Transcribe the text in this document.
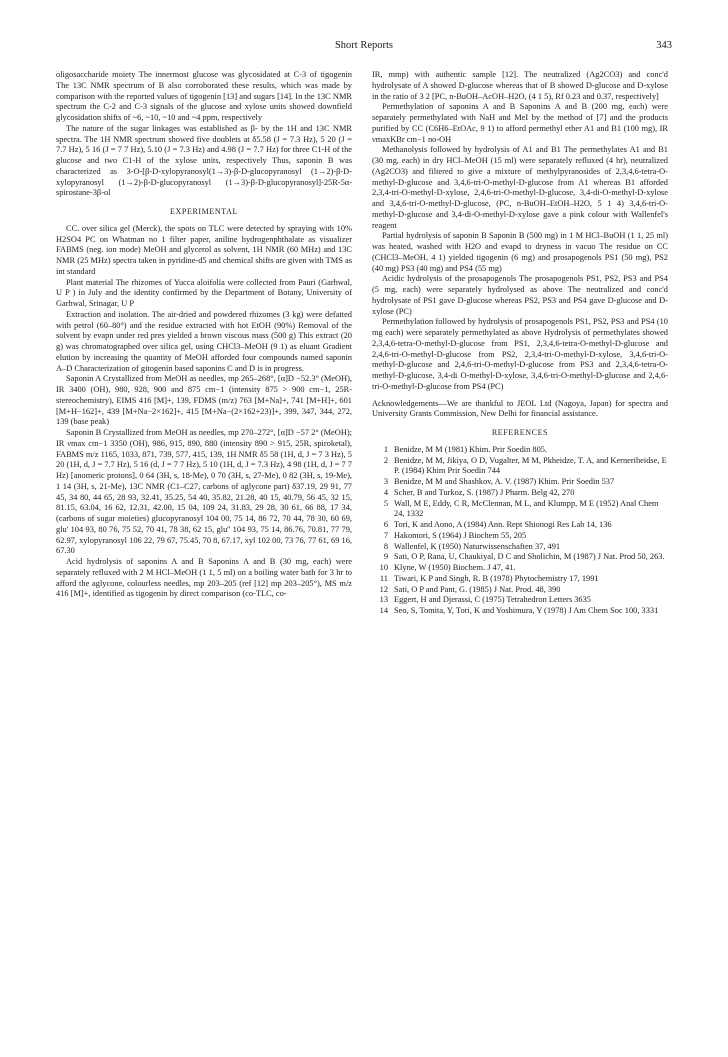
Short Reports	343

oligosaccharide moiety The innermost glucose was glycosidated at C-3 of tigogenin The 13C NMR spectrum of B also corroborated these results, which was made by comparison with the reported values of tigogenin [13] and sugars [14]. In the 13C NMR spectrum the C-2 and C-3 signals of the glucose and xylose units showed downfield glycosidation shifts of ~6, ~10, ~10 and ~4 ppm, respectively

The nature of the sugar linkages was established as β- by the 1H and 13C NMR spectra. The 1H NMR spectrum showed five doublets at δ5.58 (J = 7.3 Hz), 5 20 (J = 7.7 Hz), 5 16 (J = 7 7 Hz), 5.10 (J = 7.3 Hz) and 4.98 (J = 7.7 Hz) for three C1-H of the glucose and two C1-H of the xylose units, respectively Thus, saponin B was characterized as 3-O-[β-D-xylopyranosyl(1→3)-β-D-glucopyranosyl (1→2)-β-D-xylopyranosyl (1→2)-β-D-glucopyranosyl (1→3)-β-D-glucopyranosyl]-25R-5α-spirostane-3β-ol

EXPERIMENTAL

CC. over silica gel (Merck), the spots on TLC were detected by spraying with 10% H2SO4 PC on Whatman no 1 filter paper, aniline hydrogenphthalate as visualizer FABMS (neg. ion mode) MeOH and glycerol as solvent, 1H NMR (60 MHz) and 13C NMR (25 MHz) spectra taken in pyridine-d5 and chemical shifts are given with TMS as int standard

Plant material The rhizomes of Yucca aloifolia were collected from Pauri (Garhwal, U P ) in July and the identity confirmed by the Department of Botany, University of Garhwal, Srinagar, U P

Extraction and isolation. The air-dried and powdered rhizomes (3 kg) were defatted with petrol (60–80°) and the residue extracted with hot EtOH (90%) Removal of the solvent by evapn under red pres yielded a brown viscous mass (500 g) This extract (20 g) was chromatographed over silica gel, using CHCl3–MeOH (9 1) as eluant Gradient elution by increasing the quantity of MeOH afforded four compounds named saponin A–D Characterization of gitogenin based saponins C and D is in progress.

Saponin A Crystallized from MeOH as needles, mp 265–268°, [α]D −52.3° (MeOH), IR 3400 (OH), 980, 928, 900 and 875 cm−1 (intensity 875 > 900 cm−1, 25R-stereochemistry), EIMS 416 [M]+, 139, FDMS (m/z) 763 [M+Na]+, 741 [M+H]+, 601 [M+H−162]+, 439 [M+Na−2×162]+, 415 [M+Na−(2×162+23)]+, 399, 347, 344, 272, 139 (base peak)

Saponin B Crystallized from MeOH as needles, mp 270–272°, [α]D −57 2° (MeOH); IR νmax cm−1 3350 (OH), 986, 915, 890, 880 (intensity 890 > 915, 25R, spiroketal), FABMS m/z 1165, 1033, 871, 739, 577, 415, 139, 1H NMR δ5 58 (1H, d, J = 7 3 Hz), 5 20 (1H, d, J = 7.7 Hz), 5 16 (d, J = 7 7 Hz), 5 10 (1H, d, J = 7.3 Hz), 4 98 (1H, d, J = 7 7 Hz) [anomeric protons], 0 64 (3H, s, 18-Me), 0 70 (3H, s, 27-Me), 0 82 (3H, s, 19-Me), 1 14 (3H, s, 21-Me), 13C NMR (C1–C27, carbons of aglycone part) δ37.19, 29 91, 77 45, 34 80, 44 65, 28 93, 32.41, 35.25, 54 40, 35.82, 21.28, 40 15, 40.79, 56 45, 32 15, 81.15, 63.04, 16 62, 12.31, 42.00, 15 04, 109 24, 31.83, 29 28, 30 61, 66 88, 17 34, (carbons of sugar moieties) glucopyranosyl 104 00, 75 14, 86 72, 70 44, 78 30, 60 69, glu' 104 93, 80 76, 75 52, 70 41, 78 38, 62 15, glu'' 104 93, 75 14, 86.76, 70.81, 77 79, 62.97, xylopyranosyl 106 22, 79 67, 75.45, 70 8, 67.17, xyl 102 00, 73 76, 77 61, 69 16, 67.30

Acid hydrolysis of saponins A and B Saponins A and B (30 mg, each) were separately refluxed with 2 M HCl–MeOH (1 1, 5 ml) on a boiling water bath for 3 hr to afford the aglycone, colourless needles, mp 203–205 (ref [12] mp 203–205°), MS m/z 416 [M]+, identified as tigogenin by direct comparison (co-TLC, co-

IR, mmp) with authentic sample [12]. The neutralized (Ag2CO3) and conc'd hydrolysate of A showed D-glucose whereas that of B showed D-glucose and D-xylose in the ratio of 3 2 [PC, n-BuOH–AcOH–H2O, (4 1 5), Rf 0.23 and 0.37, respectively]

Permethylation of saponins A and B Saponins A and B (200 mg, each) were separately permethylated with NaH and MeI by the method of [7] and the products purified by CC (C6H6–EtOAc, 9 1) to afford permethyl ether A1 and B1 (100 mg), IR νmaxKBr cm−1 no-OH

Methanolysis followed by hydrolysis of A1 and B1 The permethylates A1 and B1 (30 mg, each) in dry HCl–MeOH (15 ml) were separately refluxed (4 hr), neutralized (Ag2CO3) and filtered to give a mixture of methylpyranosides of 2,3,4,6-tetra-O-methyl-D-glucose and 3,4,6-tri-O-methyl-D-glucose from A1 whereas B1 afforded 2,3,4-tri-O-methyl-D-xylose, 2,4,6-tri-O-methyl-D-glucose, 3,4-di-O-methyl-D-xylose and 3,4,6-tri-O-methyl-D-glucose, (PC, n-BuOH–EtOH–H2O, 5 1 4) 3,4,6-tri-O-methyl-D-glucose and 3,4-di-O-methyl-D-xylose gave a pink colour with Wallenfel's reagent

Partial hydrolysis of saponin B Saponin B (500 mg) in 1 M HCl–BuOH (1 1, 25 ml) was heated, washed with H2O and evapd to dryness in vacuo The residue on CC (CHCl3–MeOH, 4 1) yielded tigogenin (6 mg) and prosapogenols PS1 (50 mg), PS2 (40 mg) PS3 (40 mg) and PS4 (55 mg)

Acidic hydrolysis of the prosapogenols The prosapogenols PS1, PS2, PS3 and PS4 (5 mg, each) were separately hydrolysed as above The neutralized and conc'd hydrolysate of PS1 gave D-glucose whereas PS2, PS3 and PS4 gave D-glucose and D-xylose (PC)

Permethylation followed by hydrolysis of prosapogenols PS1, PS2, PS3 and PS4 (10 mg each) were separately permethylated as above Hydrolysis of permethylates showed 2,3,4,6-tetra-O-methyl-D-glucose from PS1, 2,3,4,6-tetra-O-methyl-D-glucose and 2,4,6-tri-O-methyl-D-glucose from PS2, 2,3,4-tri-O-methyl-D-xylose, 3,4,6-tri-O-methyl-D-glucose and 2,4,6-tri-O-methyl-D-glucose from PS3 and 2,3,4,6-tetra-O-methyl-D-glucose, 3,4-di O-methyl-D-xylose, 3,4,6-tri-O-methyl-D-glucose and 2,4,6-tri-O-methyl-D-glucose from PS4 (PC)

Acknowledgements—We are thankful to JEOL Ltd (Nagoya, Japan) for spectra and University Grants Commission, New Delhi for financial assistance.

REFERENCES
1 Benidze, M M (1981) Khim. Prir Soedin 805.
2 Benidze, M M, Jikiya, O D, Vugalter, M M, Pkheidze, T. A, and Kerneriheidse, E P. (1984) Khim Prir Soedin 744
3 Benidze, M M and Shashkov, A. V. (1987) Khim. Prir Soedin 537
4 Scher, B and Turkoz, S. (1987) J Pharm. Belg 42, 270
5 Wall, M E, Eddy, C R, McClennan, M L, and Klumpp, M E (1952) Anal Chem 24, 1332
6 Tori, K and Aono, A (1984) Ann. Rept Shionogi Res Lab 14, 136
7 Hakomori, S (1964) J Biochem 55, 205
8 Wallenfel, K (1950) Naturwissenschaften 37, 491
9 Sati, O P, Rana, U, Chaukiyal, D C and Sholichin, M (1987) J Nat. Prod 50, 263.
10 Klyne, W (1950) Biochem. J 47, 41.
11 Tiwari, K P and Singh, R. B (1978) Phytochemistry 17, 1991
12 Sati, O P and Pant, G. (1985) J Nat. Prod. 48, 390
13 Eggert, H and Djerassi, C (1975) Tetrahedron Letters 3635
14 Seo, S, Tomita, Y, Tori, K and Yoshimura, Y (1978) J Am Chem Soc 100, 3331
